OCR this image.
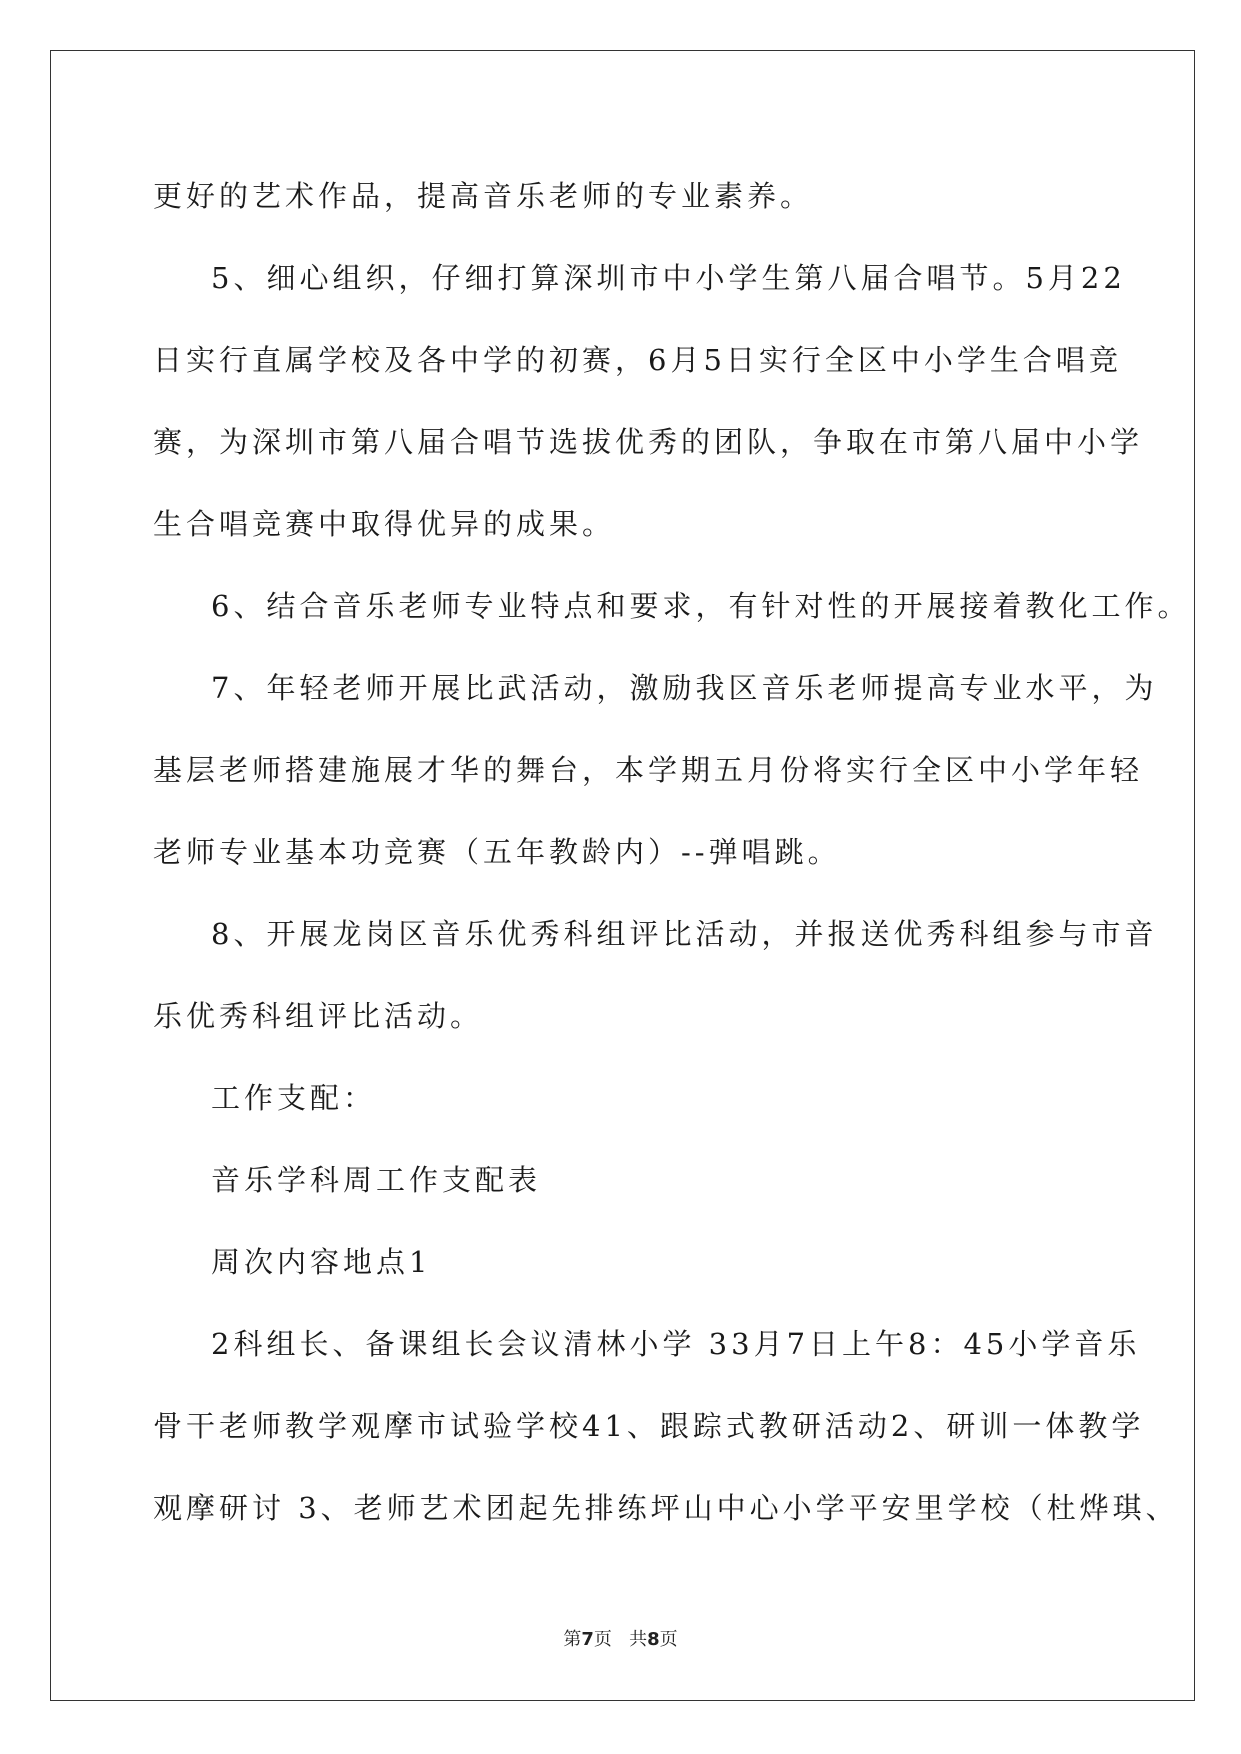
更好的艺术作品，提高音乐老师的专业素养。
5、细心组织，仔细打算深圳市中小学生第八届合唱节。5月22
日实行直属学校及各中学的初赛，6月5日实行全区中小学生合唱竞
赛，为深圳市第八届合唱节选拔优秀的团队，争取在市第八届中小学
生合唱竞赛中取得优异的成果。
6、结合音乐老师专业特点和要求，有针对性的开展接着教化工作。
7、年轻老师开展比武活动，激励我区音乐老师提高专业水平，为
基层老师搭建施展才华的舞台，本学期五月份将实行全区中小学年轻
老师专业基本功竞赛（五年教龄内）--弹唱跳。
8、开展龙岗区音乐优秀科组评比活动，并报送优秀科组参与市音
乐优秀科组评比活动。
工作支配：
音乐学科周工作支配表
周次内容地点1
2科组长、备课组长会议清林小学 33月7日上午8：45小学音乐
骨干老师教学观摩市试验学校41、跟踪式教研活动2、研训一体教学
观摩研讨 3、老师艺术团起先排练坪山中心小学平安里学校（杜烨琪、
第7页   共8页
